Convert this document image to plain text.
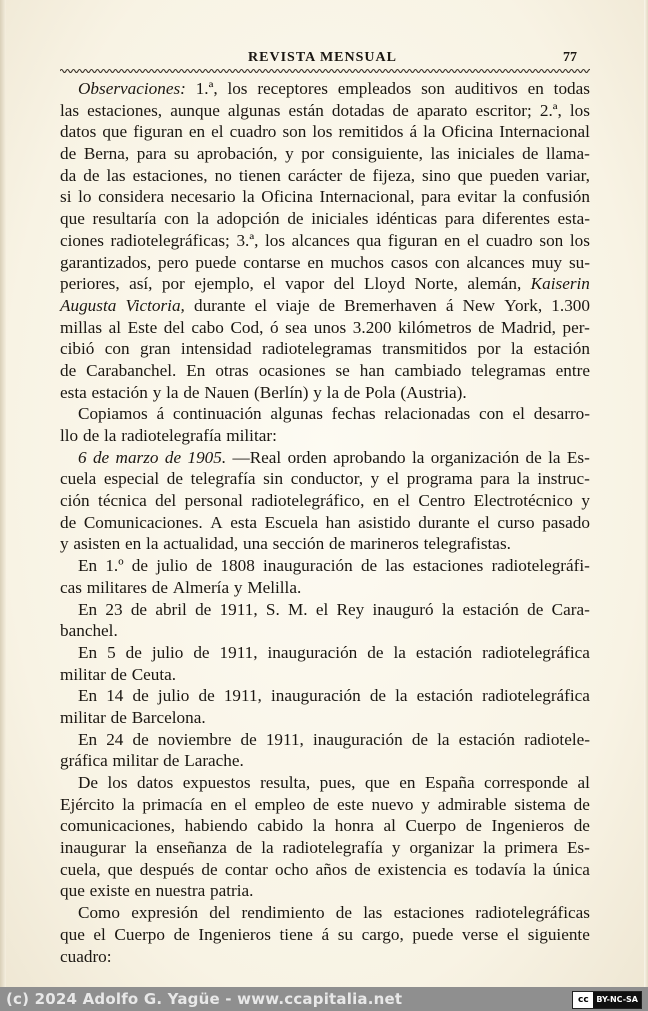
REVISTA MENSUAL	77
Observaciones: 1.ª, los receptores empleados son auditivos en todas
las estaciones, aunque algunas están dotadas de aparato escritor; 2.ª, los
datos que figuran en el cuadro son los remitidos á la Oficina Internacional
de Berna, para su aprobación, y por consiguiente, las iniciales de llama-
da de las estaciones, no tienen carácter de fijeza, sino que pueden variar,
si lo considera necesario la Oficina Internacional, para evitar la confusión
que resultaría con la adopción de iniciales idénticas para diferentes esta-
ciones radiotelegráficas; 3.ª, los alcances qua figuran en el cuadro son los
garantizados, pero puede contarse en muchos casos con alcances muy su-
periores, así, por ejemplo, el vapor del Lloyd Norte, alemán, Kaiserin
Augusta Victoria, durante el viaje de Bremerhaven á New York, 1.300
millas al Este del cabo Cod, ó sea unos 3.200 kilómetros de Madrid, per-
cibió con gran intensidad radiotelegramas transmitidos por la estación
de Carabanchel. En otras ocasiones se han cambiado telegramas entre
esta estación y la de Nauen (Berlín) y la de Pola (Austria).
Copiamos á continuación algunas fechas relacionadas con el desarro-
llo de la radiotelegrafía militar:
6 de marzo de 1905. —Real orden aprobando la organización de la Es-
cuela especial de telegrafía sin conductor, y el programa para la instruc-
ción técnica del personal radiotelegráfico, en el Centro Electrotécnico y
de Comunicaciones. A esta Escuela han asistido durante el curso pasado
y asisten en la actualidad, una sección de marineros telegrafistas.
En 1.º de julio de 1808 inauguración de las estaciones radiotelegráfi-
cas militares de Almería y Melilla.
En 23 de abril de 1911, S. M. el Rey inauguró la estación de Cara-
banchel.
En 5 de julio de 1911, inauguración de la estación radiotelegráfica
militar de Ceuta.
En 14 de julio de 1911, inauguración de la estación radiotelegráfica
militar de Barcelona.
En 24 de noviembre de 1911, inauguración de la estación radiotele-
gráfica militar de Larache.
De los datos expuestos resulta, pues, que en España corresponde al
Ejército la primacía en el empleo de este nuevo y admirable sistema de
comunicaciones, habiendo cabido la honra al Cuerpo de Ingenieros de
inaugurar la enseñanza de la radiotelegrafía y organizar la primera Es-
cuela, que después de contar ocho años de existencia es todavía la única
que existe en nuestra patria.
Como expresión del rendimiento de las estaciones radiotelegráficas
que el Cuerpo de Ingenieros tiene á su cargo, puede verse el siguiente
cuadro:
(c) 2024 Adolfo G. Yagüe - www.ccapitalia.net	cc BY-NC-SA
